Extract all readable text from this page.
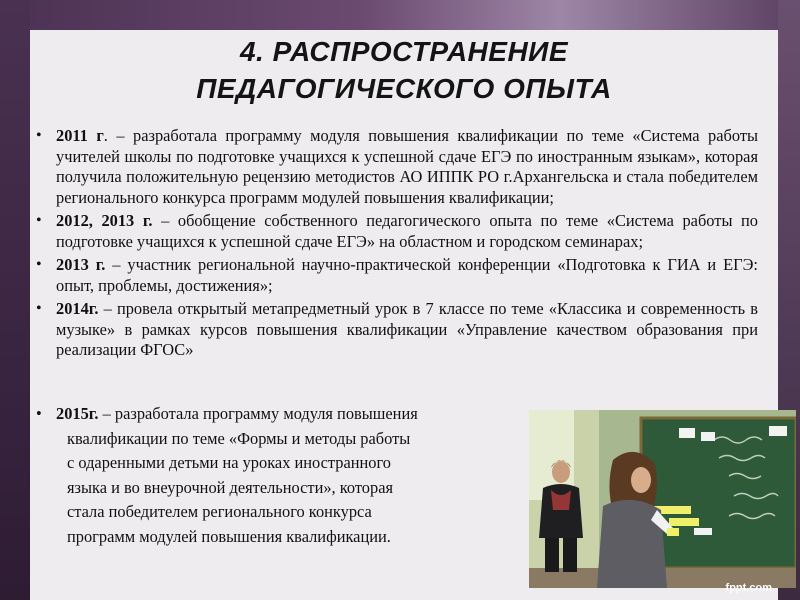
4. РАСПРОСТРАНЕНИЕ
ПЕДАГОГИЧЕСКОГО ОПЫТА
• 2011 г. – разработала программу модуля повышения квалификации по теме «Система работы учителей школы по подготовке учащихся к успешной сдаче ЕГЭ по иностранным языкам», которая получила положительную рецензию методистов АО ИППК РО г.Архангельска и стала победителем регионального конкурса программ модулей повышения квалификации;
• 2012, 2013 г. – обобщение собственного педагогического опыта по теме «Система работы по подготовке учащихся к успешной сдаче ЕГЭ» на областном и городском семинарах;
• 2013 г. – участник региональной научно-практической конференции «Подготовка к ГИА и ЕГЭ: опыт, проблемы, достижения»;
• 2014г. – провела открытый метапредметный урок в 7 классе по теме «Классика и современность в музыке» в рамках курсов повышения квалификации «Управление качеством образования при реализации ФГОС»
• 2015г. – разработала программу модуля повышения
квалификации по теме «Формы и методы работы
с одаренными детьми на уроках иностранного
языка и во внеурочной деятельности», которая
стала победителем регионального конкурса
программ модулей повышения квалификации.
fppt.com
